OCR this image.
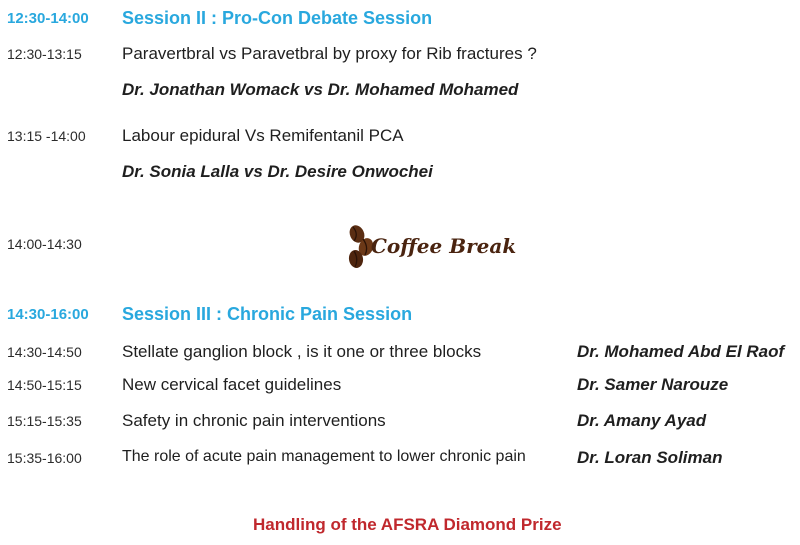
12:30-14:00 Session II : Pro-Con Debate Session
12:30-13:15 Paravertbral vs Paravetbral by proxy for Rib fractures ?
Dr. Jonathan Womack vs Dr. Mohamed Mohamed
13:15 -14:00 Labour epidural Vs Remifentanil PCA
Dr. Sonia Lalla vs Dr. Desire Onwochei
14:00-14:30	Coffee Break
14:30-16:00 Session III : Chronic Pain Session
14:30-14:50 Stellate ganglion block , is it one or three blocks	Dr. Mohamed Abd El Raof
14:50-15:15 New cervical facet guidelines	Dr. Samer Narouze
15:15-15:35 Safety in chronic pain interventions	Dr. Amany Ayad
15:35-16:00	The role of acute pain management to lower chronic pain	Dr. Loran Soliman
Handling of the AFSRA Diamond Prize
